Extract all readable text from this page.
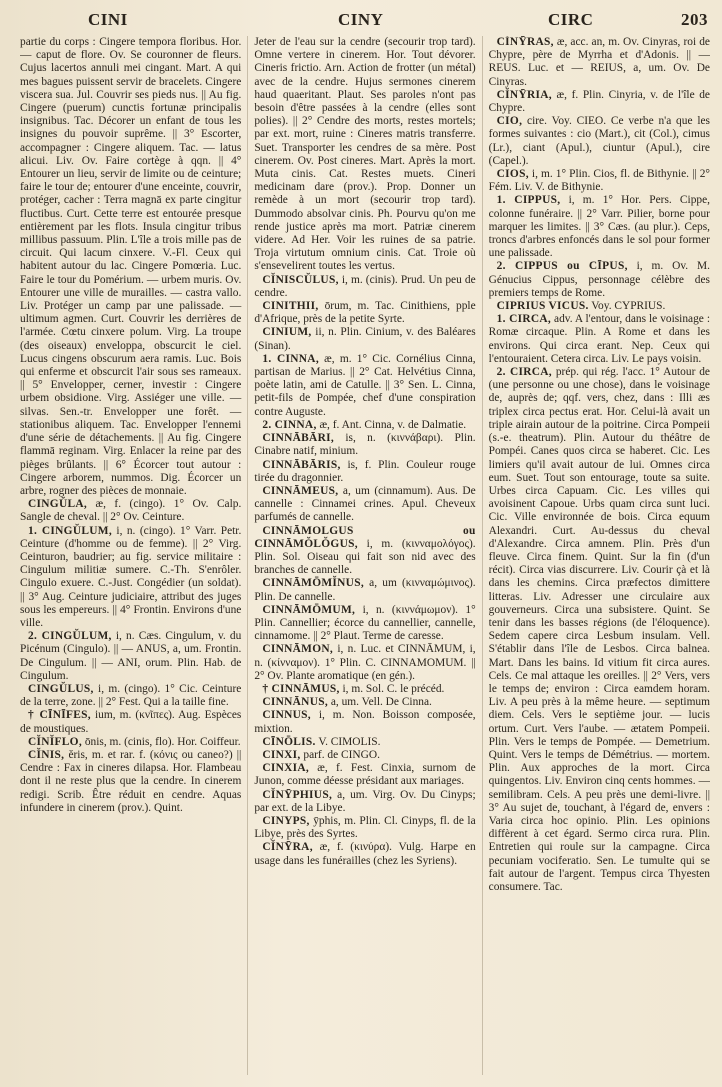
CINI	CINY	CIRC	203

partie du corps : Cingere tempora floribus. Hor. — caput de flore. Ov. Se couronner de fleurs. Cujus lacertos annuli mei cingant. Mart. A qui mes bagues puissent servir de bracelets. Cingere viscera sua. Jul. Couvrir ses pieds nus. || Au fig. Cingere (puerum) cunctis fortunæ principalis insignibus. Tac. Décorer un enfant de tous les insignes du pouvoir suprême. || 3° Escorter, accompagner : Cingere aliquem. Tac. — latus alicui. Liv. Ov. Faire cortège à qqn. || 4° Entourer un lieu, servir de limite ou de ceinture; faire le tour de; entourer d'une enceinte, couvrir, protéger, cacher : Terra magnā ex parte cingitur fluctibus. Curt. Cette terre est entourée presque entièrement par les flots. Insula cingitur tribus millibus passuum. Plin. L'île a trois mille pas de circuit. Qui lacum cinxere. V.-Fl. Ceux qui habitent autour du lac. Cingere Pomœria. Luc. Faire le tour du Pomérium. — urbem muris. Ov. Entourer une ville de murailles. — castra vallo. Liv. Protéger un camp par une palissade. — ultimum agmen. Curt. Couvrir les derrières de l'armée. Cœtu cinxere polum. Virg. La troupe (des oiseaux) enveloppa, obscurcit le ciel. Lucus cingens obscurum aera ramis. Luc. Bois qui enferme et obscurcit l'air sous ses rameaux. || 5° Envelopper, cerner, investir : Cingere urbem obsidione. Virg. Assiéger une ville. — silvas. Sen.-tr. Envelopper une forêt. — stationibus aliquem. Tac. Envelopper l'ennemi d'une série de détachements. || Au fig. Cingere flammā reginam. Virg. Enlacer la reine par des pièges brûlants. || 6° Écorcer tout autour : Cingere arborem, nummos. Dig. Écorcer un arbre, rogner des pièces de monnaie.

CINGŬLA, æ, f. (cingo). 1° Ov. Calp. Sangle de cheval. || 2° Ov. Ceinture.

1. CINGŬLUM, i, n. (cingo). 1° Varr. Petr. Ceinture (d'homme ou de femme). || 2° Virg. Ceinturon, baudrier; au fig. service militaire : Cingulum militiæ sumere. C.-Th. S'enrôler. Cingulo exuere. C.-Just. Congédier (un soldat). || 3° Aug. Ceinture judiciaire, attribut des juges sous les empereurs. || 4° Frontin. Environs d'une ville.

2. CINGŬLUM, i, n. Cæs. Cingulum, v. du Picénum (Cingulo). || — ANUS, a, um. Frontin. De Cingulum. || — ANI, orum. Plin. Hab. de Cingulum.

CINGŬLUS, i, m. (cingo). 1° Cic. Ceinture de la terre, zone. || 2° Fest. Qui a la taille fine.

† CĪNĪFES, ium, m. (κνῖπες). Aug. Espèces de moustiques.

CĬNĬFLO, ōnis, m. (cinis, flo). Hor. Coiffeur.

CĬNIS, ĕris, m. et rar. f. (κόνις ou caneo?) || Cendre : Fax in cineres dilapsa. Hor. Flambeau dont il ne reste plus que la cendre. In cinerem redigi. Scrib. Être réduit en cendre. Aquas infundere in cinerem (prov.). Quint.

Jeter de l'eau sur la cendre (secourir trop tard). Omne vertere in cinerem. Hor. Tout dévorer. Cineris frictio. Arn. Action de frotter (un métal) avec de la cendre. Hujus sermones cinerem haud quaeritant. Plaut. Ses paroles n'ont pas besoin d'être passées à la cendre (elles sont polies). || 2° Cendre des morts, restes mortels; par ext. mort, ruine : Cineres matris transferre. Suet. Transporter les cendres de sa mère. Post cinerem. Ov. Post cineres. Mart. Après la mort. Muta cinis. Cat. Restes muets. Cineri medicinam dare (prov.). Prop. Donner un remède à un mort (secourir trop tard). Dummodo absolvar cinis. Ph. Pourvu qu'on me rende justice après ma mort. Patriæ cinerem videre. Ad Her. Voir les ruines de sa patrie. Troja virtutum omnium cinis. Cat. Troie où s'ensevelirent toutes les vertus.

CĬNISCŬLUS, i, m. (cinis). Prud. Un peu de cendre.

CINITHII, ōrum, m. Tac. Cinithiens, pple d'Afrique, près de la petite Syrte.

CINIUM, ii, n. Plin. Cinium, v. des Baléares (Sinan).

1. CINNA, æ, m. 1° Cic. Cornélius Cinna, partisan de Marius. || 2° Cat. Helvétius Cinna, poète latin, ami de Catulle. || 3° Sen. L. Cinna, petit-fils de Pompée, chef d'une conspiration contre Auguste.

2. CINNA, æ, f. Ant. Cinna, v. de Dalmatie.

CINNĀBĀRI, is, n. (κιννάβαρι). Plin. Cinabre natif, minium.

CINNĀBĀRIS, is, f. Plin. Couleur rouge tirée du dragonnier.

CINNĀMEUS, a, um (cinnamum). Aus. De cannelle : Cinnamei crines. Apul. Cheveux parfumés de cannelle.

CINNĀMOLGUS ou CINNĀMŎLŎGUS, i, m. (κινναμολόγος). Plin. Sol. Oiseau qui fait son nid avec des branches de cannelle.

CINNĀMŌMĬNUS, a, um (κινναμώμινος). Plin. De cannelle.

CINNĀMŌMUM, i, n. (κιννάμωμον). 1° Plin. Cannellier; écorce du cannellier, cannelle, cinnamome. || 2° Plaut. Terme de caresse.

CINNĀMON, i, n. Luc. et CINNĀMUM, i, n. (κίνναμον). 1° Plin. C. CINNAMOMUM. || 2° Ov. Plante aromatique (en gén.).

† CINNĀMUS, i, m. Sol. C. le précéd.

CINNĀNUS, a, um. Vell. De Cinna.

CINNUS, i, m. Non. Boisson composée, mixtion.

CĪNŌLIS. V. CIMOLIS.

CINXI, parf. de CINGO.

CINXIA, æ, f. Fest. Cinxia, surnom de Junon, comme déesse présidant aux mariages.

CĬNȲPHIUS, a, um. Virg. Ov. Du Cinyps; par ext. de la Libye.

CINYPS, ȳphis, m. Plin. Cl. Cinyps, fl. de la Libye, près des Syrtes.

CĬNȲRA, æ, f. (κινύρα). Vulg. Harpe en usage dans les funérailles (chez les Syriens).

CĬNȲRAS, æ, acc. an, m. Ov. Cinyras, roi de Chypre, père de Myrrha et d'Adonis. || — REUS. Luc. et — REIUS, a, um. Ov. De Cinyras.

CĬNȲRIA, æ, f. Plin. Cinyria, v. de l'île de Chypre.

CIO, cire. Voy. CIEO. Ce verbe n'a que les formes suivantes : cio (Mart.), cit (Col.), cimus (Lr.), ciant (Apul.), ciuntur (Apul.), cire (Capel.).

CIOS, i, m. 1° Plin. Cios, fl. de Bithynie. || 2° Fém. Liv. V. de Bithynie.

1. CIPPUS, i, m. 1° Hor. Pers. Cippe, colonne funéraire. || 2° Varr. Pilier, borne pour marquer les limites. || 3° Cæs. (au plur.). Ceps, troncs d'arbres enfoncés dans le sol pour former une palissade.

2. CIPPUS ou CĪPUS, i, m. Ov. M. Génucius Cippus, personnage célèbre des premiers temps de Rome.

CIPRIUS VICUS. Voy. CYPRIUS.

1. CIRCA, adv. A l'entour, dans le voisinage : Romæ circaque. Plin. A Rome et dans les environs. Qui circa erant. Nep. Ceux qui l'entouraient. Cetera circa. Liv. Le pays voisin.

2. CIRCA, prép. qui rég. l'acc. 1° Autour de (une personne ou une chose), dans le voisinage de, auprès de; qqf. vers, chez, dans : Illi æs triplex circa pectus erat. Hor. Celui-là avait un triple airain autour de la poitrine. Circa Pompeii (s.-e. theatrum). Plin. Autour du théâtre de Pompéi. Canes quos circa se haberet. Cic. Les limiers qu'il avait autour de lui. Omnes circa eum. Suet. Tout son entourage, toute sa suite. Urbes circa Capuam. Cic. Les villes qui avoisinent Capoue. Urbs quam circa sunt luci. Cic. Ville environnée de bois. Circa equum Alexandri. Curt. Au-dessus du cheval d'Alexandre. Circa amnem. Plin. Près d'un fleuve. Circa finem. Quint. Sur la fin (d'un récit). Circa vias discurrere. Liv. Courir çà et là dans les chemins. Circa præfectos dimittere litteras. Liv. Adresser une circulaire aux gouverneurs. Circa una subsistere. Quint. Se tenir dans les basses régions (de l'éloquence). Sedem capere circa Lesbum insulam. Vell. S'établir dans l'île de Lesbos. Circa balnea. Mart. Dans les bains. Id vitium fit circa aures. Cels. Ce mal attaque les oreilles. || 2° Vers, vers le temps de; environ : Circa eamdem horam. Liv. A peu près à la même heure. — septimum diem. Cels. Vers le septième jour. — lucis ortum. Curt. Vers l'aube. — ætatem Pompeii. Plin. Vers le temps de Pompée. — Demetrium. Quint. Vers le temps de Démétrius. — mortem. Plin. Aux approches de la mort. Circa quingentos. Liv. Environ cinq cents hommes. — semilibram. Cels. A peu près une demi-livre. || 3° Au sujet de, touchant, à l'égard de, envers : Varia circa hoc opinio. Plin. Les opinions diffèrent à cet égard. Sermo circa rura. Plin. Entretien qui roule sur la campagne. Circa pecuniam vociferatio. Sen. Le tumulte qui se fait autour de l'argent. Tempus circa Thyesten consumere. Tac.
